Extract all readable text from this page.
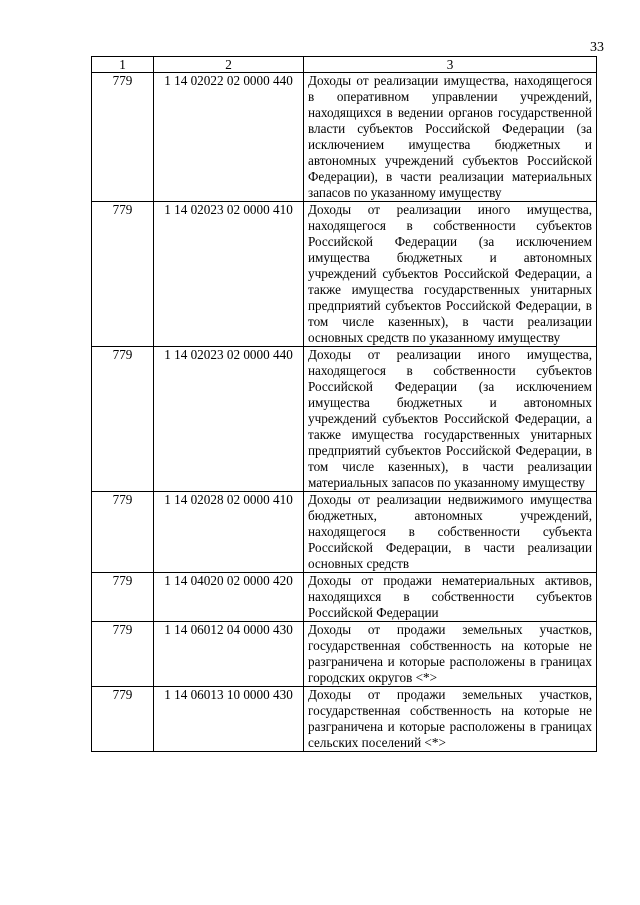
33
1	2	3
779	1 14 02022 02 0000 440	Доходы от реализации имущества, находящегося в оперативном управлении учреждений, находящихся в ведении органов государственной власти субъектов Российской Федерации (за исключением имущества бюджетных и автономных учреждений субъектов Российской Федерации), в части реализации материальных запасов по указанному имуществу
779	1 14 02023 02 0000 410	Доходы от реализации иного имущества, находящегося в собственности субъектов Российской Федерации (за исключением имущества бюджетных и автономных учреждений субъектов Российской Федерации, а также имущества государственных унитарных предприятий субъектов Российской Федерации, в том числе казенных), в части реализации основных средств по указанному имуществу
779	1 14 02023 02 0000 440	Доходы от реализации иного имущества, находящегося в собственности субъектов Российской Федерации (за исключением имущества бюджетных и автономных учреждений субъектов Российской Федерации, а также имущества государственных унитарных предприятий субъектов Российской Федерации, в том числе казенных), в части реализации материальных запасов по указанному имуществу
779	1 14 02028 02 0000 410	Доходы от реализации недвижимого имущества бюджетных, автономных учреждений, находящегося в собственности субъекта Российской Федерации, в части реализации основных средств
779	1 14 04020 02 0000 420	Доходы от продажи нематериальных активов, находящихся в собственности субъектов Российской Федерации
779	1 14 06012 04 0000 430	Доходы от продажи земельных участков, государственная собственность на которые не разграничена и которые расположены в границах городских округов <*>
779	1 14 06013 10 0000 430	Доходы от продажи земельных участков, государственная собственность на которые не разграничена и которые расположены в границах сельских поселений <*>
